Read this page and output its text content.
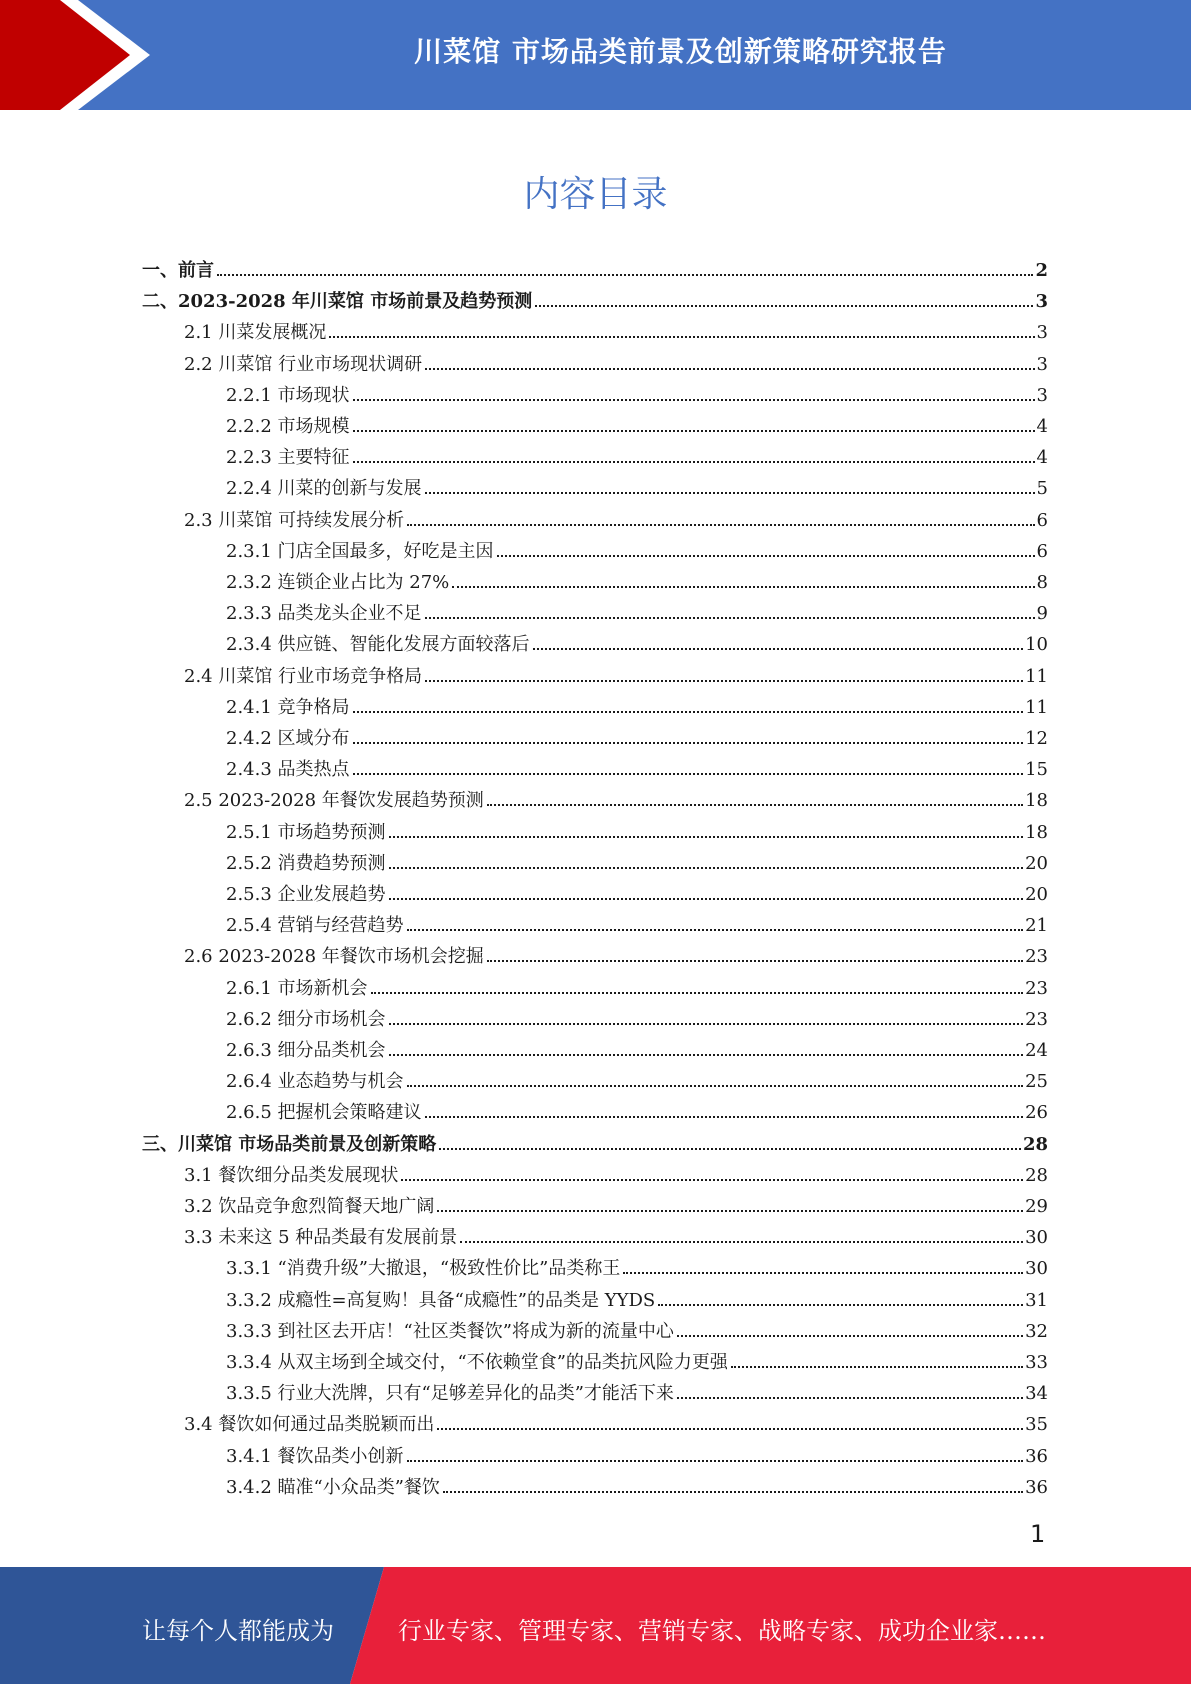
川菜馆 市场品类前景及创新策略研究报告
内容目录
一、前言	2
二、2023-2028 年川菜馆 市场前景及趋势预测	3
2.1 川菜发展概况	3
2.2 川菜馆 行业市场现状调研	3
2.2.1 市场现状	3
2.2.2 市场规模	4
2.2.3 主要特征	4
2.2.4 川菜的创新与发展	5
2.3 川菜馆 可持续发展分析	6
2.3.1 门店全国最多，好吃是主因	6
2.3.2 连锁企业占比为 27%	8
2.3.3 品类龙头企业不足	9
2.3.4 供应链、智能化发展方面较落后	10
2.4 川菜馆 行业市场竞争格局	11
2.4.1 竞争格局	11
2.4.2 区域分布	12
2.4.3 品类热点	15
2.5 2023-2028 年餐饮发展趋势预测	18
2.5.1 市场趋势预测	18
2.5.2 消费趋势预测	20
2.5.3 企业发展趋势	20
2.5.4 营销与经营趋势	21
2.6 2023-2028 年餐饮市场机会挖掘	23
2.6.1 市场新机会	23
2.6.2 细分市场机会	23
2.6.3 细分品类机会	24
2.6.4 业态趋势与机会	25
2.6.5 把握机会策略建议	26
三、川菜馆 市场品类前景及创新策略	28
3.1 餐饮细分品类发展现状	28
3.2 饮品竞争愈烈简餐天地广阔	29
3.3 未来这 5 种品类最有发展前景	30
3.3.1 “消费升级”大撤退，“极致性价比”品类称王	30
3.3.2 成瘾性=高复购！具备“成瘾性”的品类是 YYDS	31
3.3.3 到社区去开店！“社区类餐饮”将成为新的流量中心	32
3.3.4 从双主场到全域交付，“不依赖堂食”的品类抗风险力更强	33
3.3.5 行业大洗牌，只有“足够差异化的品类”才能活下来	34
3.4 餐饮如何通过品类脱颖而出	35
3.4.1 餐饮品类小创新	36
3.4.2 瞄准“小众品类”餐饮	36
1
让每个人都能成为	行业专家、管理专家、营销专家、战略专家、成功企业家……
